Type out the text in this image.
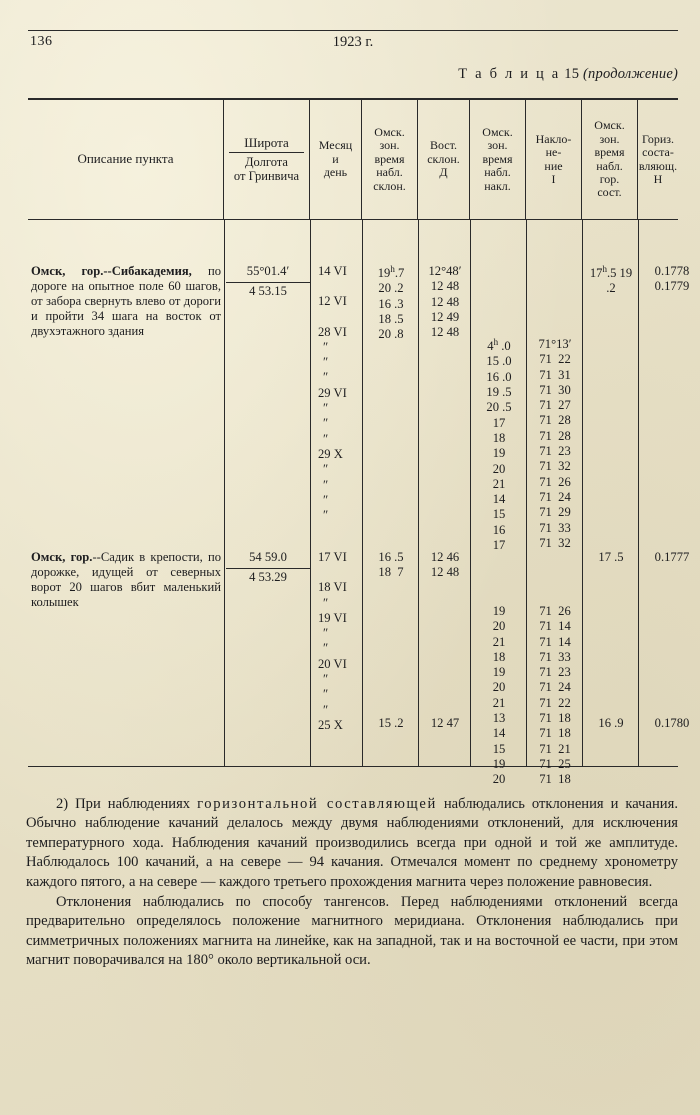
136	1923 г.
Т а б л и ц а 15 (продолжение)
Описание пункта
Широта
Долгота
от Гринвича
Месяц
и
день
Омск.
зон.
время
набл.
склон.
Вост.
склон.
Д
Омск.
зон.
время
набл.
накл.
Накло-
не-
ние
I
Омск.
зон.
время
набл.
гор.
сост.
Гориз.
соста-
вляющ.
H
Омск, гор.--Сибакадемия, по дороге на опытное поле 60 шагов, от забора свернуть влево от дороги и пройти 34 шага на восток от двухэтажного здания
55°01.4′
4 53.15
14 VI
12 VI
28 VI
″
″
″
29 VI
″
″
″
29 X
″
″
″
″
19$^h$.7
20 .2
16 .3
18 .5
20 .8
12°48′
12 48
12 48
12 49
12 48
4$^h$ .0
15 .0
16 .0
19 .5
20 .5
17
18
19
20
21
14
15
16
17
71°13′
71  22
71  31
71  30
71  27
71  28
71  28
71  23
71  32
71  26
71  24
71  29
71  33
71  32
17$^h$.5 19 .2
0.1778
0.1779
Омск, гор.--Садик в крепости, по дорожке, идущей от северных ворот 20 шагов вбит маленький колышек
54 59.0
4 53.29
17 VI
18 VI
″
19 VI
″
″
20 VI
″
″
″
25 X
16 .5
18  7
15 .2
12 46
12 48
12 47
19
20
21
18
19
20
21
13
14
15
19
20
71  26
71  14
71  14
71  33
71  23
71  24
71  22
71  18
71  18
71  21
71  25
71  18
17 .5
16 .9
0.1777
0.1780

2) При наблюдениях горизонтальной составляющей наблюдались отклонения и качания. Обычно наблюдение качаний делалось между двумя наблюдениями отклонений, для исключения температурного хода. Наблюдения качаний производились всегда при одной и той же амплитуде. Наблюдалось 100 качаний, а на севере — 94 качания. Отмечался момент по среднему хронометру каждого пятого, а на севере — каждого третьего прохождения магнита через положение равновесия.

Отклонения наблюдались по способу тангенсов. Перед наблюдениями отклонений всегда предварительно определялось положение магнитного меридиана. Отклонения наблюдались при симметричных положениях магнита на линейке, как на западной, так и на восточной ее части, при этом магнит поворачивался на 180° около вертикальной оси.
